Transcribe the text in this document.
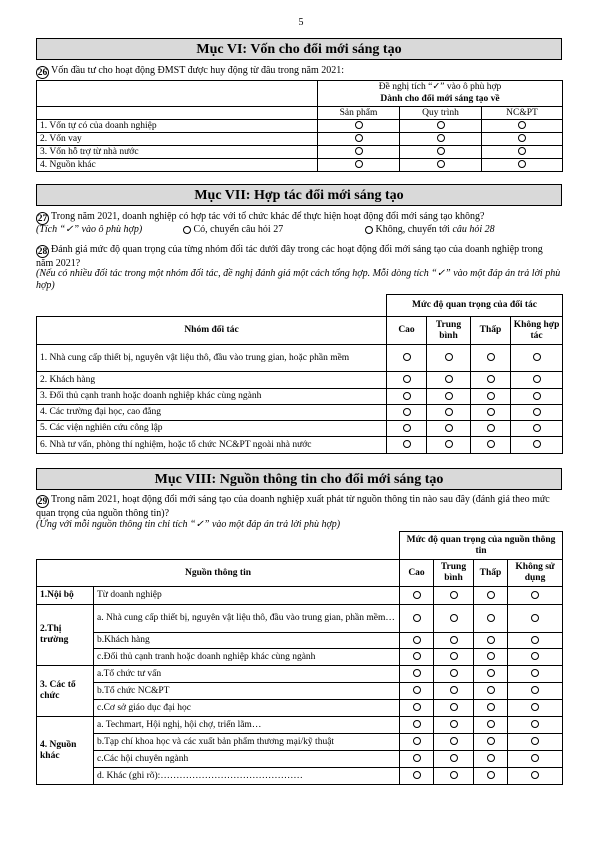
5
Mục VI: Vốn cho đổi mới sáng tạo
26 Vốn đầu tư cho hoạt động ĐMST được huy động từ đâu trong năm 2021:
	Đề nghị tích “✓” vào ô phù hợp		
	Dành cho đổi mới sáng tạo về		
	Sản phẩm	Quy trình	NC&PT
1. Vốn tự có của doanh nghiệp			
2. Vốn vay			
3. Vốn hỗ trợ từ nhà nước			
4. Nguồn khác			
Mục VII: Hợp tác đổi mới sáng tạo
27 Trong năm 2021, doanh nghiệp có hợp tác với tổ chức khác để thực hiện hoạt động đổi mới sáng tạo không?
(Tích “✓” vào ô phù hợp)	Có, chuyển câu hỏi 27	Không, chuyển tới câu hỏi 28
28 Đánh giá mức độ quan trọng của từng nhóm đối tác dưới đây trong các hoạt động đổi mới sáng tạo của doanh nghiệp trong năm 2021?
(Nếu có nhiều đối tác trong một nhóm đối tác, đề nghị đánh giá một cách tổng hợp. Mỗi dòng tích “✓” vào một đáp án trả lời phù hợp)
	Mức độ quan trọng của đối tác			
Nhóm đối tác	Cao	Trung bình	Thấp	Không hợp tác
1. Nhà cung cấp thiết bị, nguyên vật liệu thô, đầu vào trung gian, hoặc phần mềm				
2. Khách hàng				
3. Đối thủ cạnh tranh hoặc doanh nghiệp khác cùng ngành				
4. Các trường đại học, cao đẳng				
5. Các viện nghiên cứu công lập				
6. Nhà tư vấn, phòng thí nghiệm, hoặc tổ chức NC&PT ngoài nhà nước				
Mục VIII: Nguồn thông tin cho đổi mới sáng tạo
29 Trong năm 2021, hoạt động đổi mới sáng tạo của doanh nghiệp xuất phát từ nguồn thông tin nào sau đây (đánh giá theo mức quan trọng của nguồn thông tin)?
(Ứng với mỗi nguồn thông tin chỉ tích “✓” vào một đáp án trả lời phù hợp)
		Mức độ quan trọng của nguồn thông tin			
Nguồn thông tin		Cao	Trung bình	Thấp	Không sử dụng
1.Nội bộ	Từ doanh nghiệp				
2.Thị trường	a. Nhà cung cấp thiết bị, nguyên vật liệu thô, đầu vào trung gian, phần mềm…				
	b.Khách hàng				
	c.Đối thủ cạnh tranh hoặc doanh nghiệp khác cùng ngành				
3. Các tổ chức	a.Tổ chức tư vấn				
	b.Tổ chức NC&PT				
	c.Cơ sở giáo dục đại học				
4. Nguồn khác	a. Techmart, Hội nghị, hội chợ, triển lãm…				
	b.Tạp chí khoa học và các xuất bản phẩm thương mại/kỹ thuật				
	c.Các hội chuyên ngành				
	d. Khác (ghi rõ):………………………………………				
